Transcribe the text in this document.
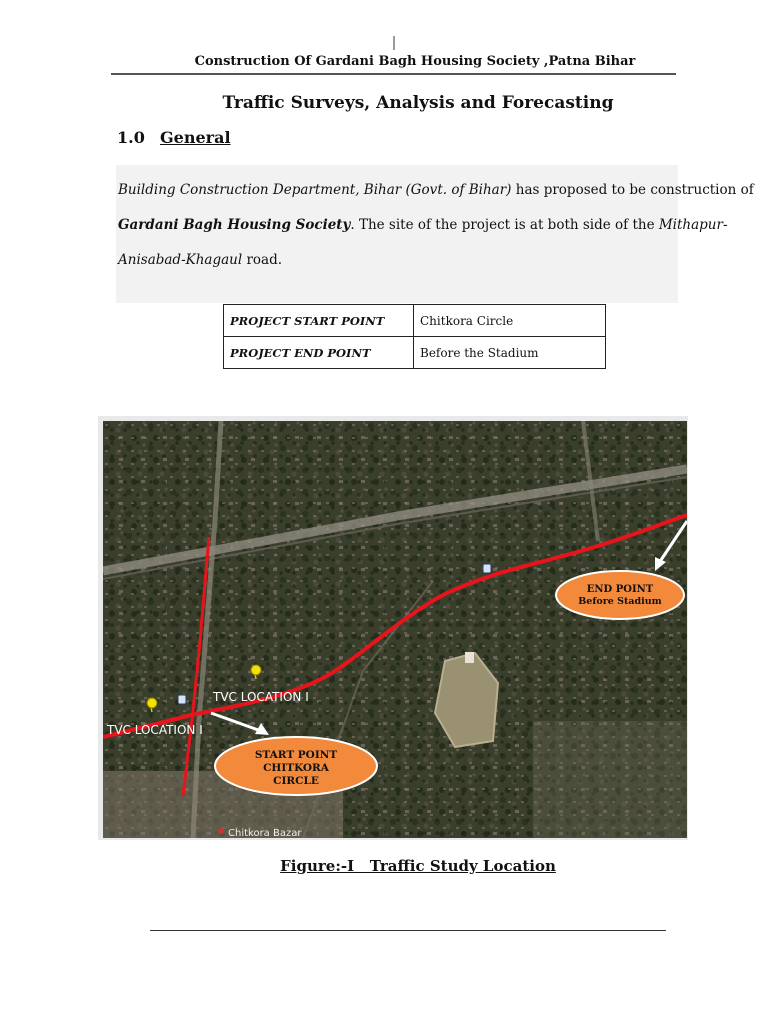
Construction Of Gardani Bagh Housing Society ,Patna Bihar
Traffic Surveys, Analysis and Forecasting
1.0 General
Building Construction Department, Bihar (Govt. of Bihar) has proposed to be construction of
Gardani Bagh Housing Society. The site of the project is at both side of the Mithapur-
Anisabad-Khagaul road.
PROJECT START POINT	Chitkora Circle
PROJECT END POINT	Before the Stadium
TVC LOCATION I
TVC LOCATION I
START POINT
CHITKORA
CIRCLE
END POINT
Before Stadium
Chitkora Bazar
Figure:-I   Traffic Study Location
